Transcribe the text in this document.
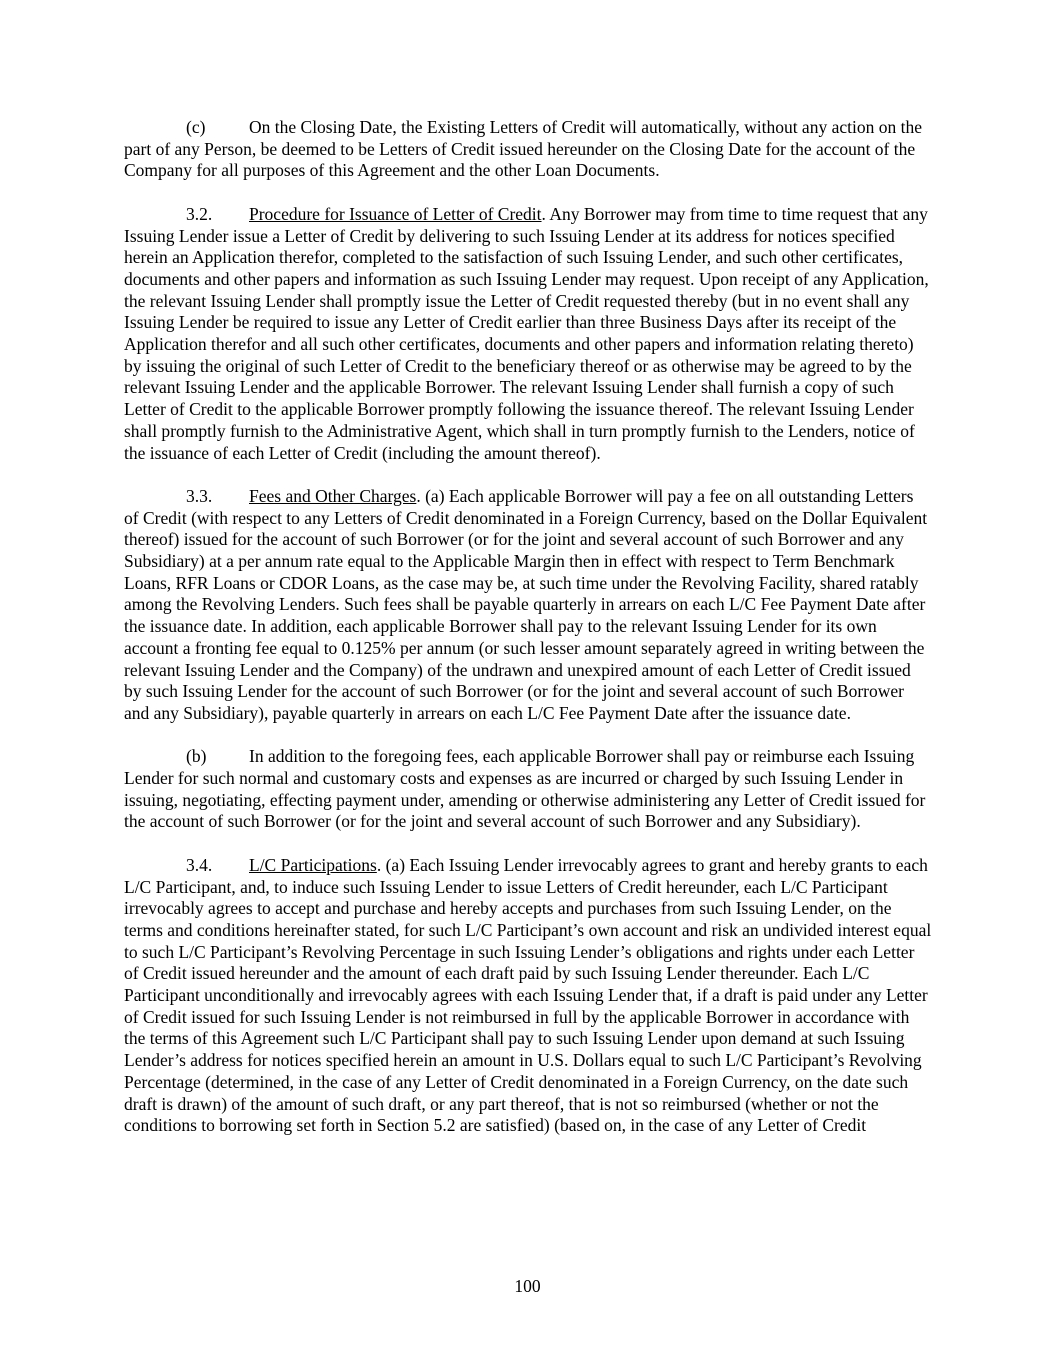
(c) On the Closing Date, the Existing Letters of Credit will automatically, without any action on the part of any Person, be deemed to be Letters of Credit issued hereunder on the Closing Date for the account of the Company for all purposes of this Agreement and the other Loan Documents.

3.2. Procedure for Issuance of Letter of Credit. Any Borrower may from time to time request that any Issuing Lender issue a Letter of Credit by delivering to such Issuing Lender at its address for notices specified herein an Application therefor, completed to the satisfaction of such Issuing Lender, and such other certificates, documents and other papers and information as such Issuing Lender may request. Upon receipt of any Application, the relevant Issuing Lender shall promptly issue the Letter of Credit requested thereby (but in no event shall any Issuing Lender be required to issue any Letter of Credit earlier than three Business Days after its receipt of the Application therefor and all such other certificates, documents and other papers and information relating thereto) by issuing the original of such Letter of Credit to the beneficiary thereof or as otherwise may be agreed to by the relevant Issuing Lender and the applicable Borrower. The relevant Issuing Lender shall furnish a copy of such Letter of Credit to the applicable Borrower promptly following the issuance thereof. The relevant Issuing Lender shall promptly furnish to the Administrative Agent, which shall in turn promptly furnish to the Lenders, notice of the issuance of each Letter of Credit (including the amount thereof).

3.3. Fees and Other Charges. (a) Each applicable Borrower will pay a fee on all outstanding Letters of Credit (with respect to any Letters of Credit denominated in a Foreign Currency, based on the Dollar Equivalent thereof) issued for the account of such Borrower (or for the joint and several account of such Borrower and any Subsidiary) at a per annum rate equal to the Applicable Margin then in effect with respect to Term Benchmark Loans, RFR Loans or CDOR Loans, as the case may be, at such time under the Revolving Facility, shared ratably among the Revolving Lenders. Such fees shall be payable quarterly in arrears on each L/C Fee Payment Date after the issuance date. In addition, each applicable Borrower shall pay to the relevant Issuing Lender for its own account a fronting fee equal to 0.125% per annum (or such lesser amount separately agreed in writing between the relevant Issuing Lender and the Company) of the undrawn and unexpired amount of each Letter of Credit issued by such Issuing Lender for the account of such Borrower (or for the joint and several account of such Borrower and any Subsidiary), payable quarterly in arrears on each L/C Fee Payment Date after the issuance date.

(b) In addition to the foregoing fees, each applicable Borrower shall pay or reimburse each Issuing Lender for such normal and customary costs and expenses as are incurred or charged by such Issuing Lender in issuing, negotiating, effecting payment under, amending or otherwise administering any Letter of Credit issued for the account of such Borrower (or for the joint and several account of such Borrower and any Subsidiary).

3.4. L/C Participations. (a) Each Issuing Lender irrevocably agrees to grant and hereby grants to each L/C Participant, and, to induce such Issuing Lender to issue Letters of Credit hereunder, each L/C Participant irrevocably agrees to accept and purchase and hereby accepts and purchases from such Issuing Lender, on the terms and conditions hereinafter stated, for such L/C Participant’s own account and risk an undivided interest equal to such L/C Participant’s Revolving Percentage in such Issuing Lender’s obligations and rights under each Letter of Credit issued hereunder and the amount of each draft paid by such Issuing Lender thereunder. Each L/C Participant unconditionally and irrevocably agrees with each Issuing Lender that, if a draft is paid under any Letter of Credit issued for such Issuing Lender is not reimbursed in full by the applicable Borrower in accordance with the terms of this Agreement such L/C Participant shall pay to such Issuing Lender upon demand at such Issuing Lender’s address for notices specified herein an amount in U.S. Dollars equal to such L/C Participant’s Revolving Percentage (determined, in the case of any Letter of Credit denominated in a Foreign Currency, on the date such draft is drawn) of the amount of such draft, or any part thereof, that is not so reimbursed (whether or not the conditions to borrowing set forth in Section 5.2 are satisfied) (based on, in the case of any Letter of Credit

100
